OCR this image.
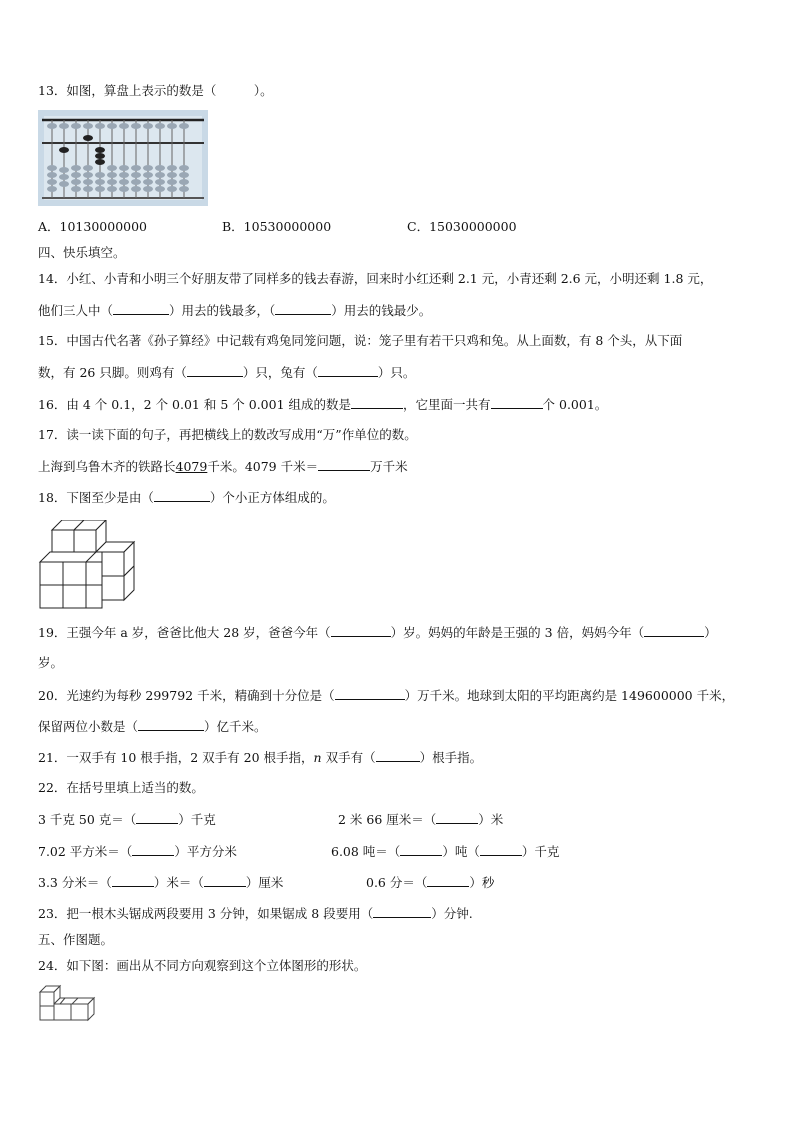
13．如图，算盘上表示的数是（　　　）。
A．10130000000	B．10530000000	C．15030000000
四、快乐填空。
14．小红、小青和小明三个好朋友带了同样多的钱去春游，回来时小红还剩 2.1 元，小青还剩 2.6 元，小明还剩 1.8 元，
他们三人中（	）用去的钱最多，（	）用去的钱最少。
15．中国古代名著《孙子算经》中记载有鸡兔同笼问题，说：笼子里有若干只鸡和兔。从上面数，有 8 个头，从下面
数，有 26 只脚。则鸡有（	）只，兔有（	）只。
16．由 4 个 0.1，2 个 0.01 和 5 个 0.001 组成的数是	，它里面一共有	个 0.001。
17．读一读下面的句子，再把横线上的数改写成用“万”作单位的数。
上海到乌鲁木齐的铁路长4079千米。4079 千米＝	万千米
18．下图至少是由（	）个小正方体组成的。
19．王强今年 a 岁，爸爸比他大 28 岁，爸爸今年（	）岁。妈妈的年龄是王强的 3 倍，妈妈今年（	）
岁。
20．光速约为每秒 299792 千米，精确到十分位是（	）万千米。地球到太阳的平均距离约是 149600000 千米，
保留两位小数是（	）亿千米。
21．一双手有 10 根手指，2 双手有 20 根手指，n 双手有（	）根手指。
22．在括号里填上适当的数。
3 千克 50 克＝（	）千克	2 米 66 厘米＝（	）米
7.02 平方米＝（	）平方分米	6.08 吨＝（	）吨（	）千克
3.3 分米＝（	）米＝（	）厘米	0.6 分＝（	）秒
23．把一根木头锯成两段要用 3 分钟，如果锯成 8 段要用（	）分钟.
五、作图题。
24．如下图：画出从不同方向观察到这个立体图形的形状。
